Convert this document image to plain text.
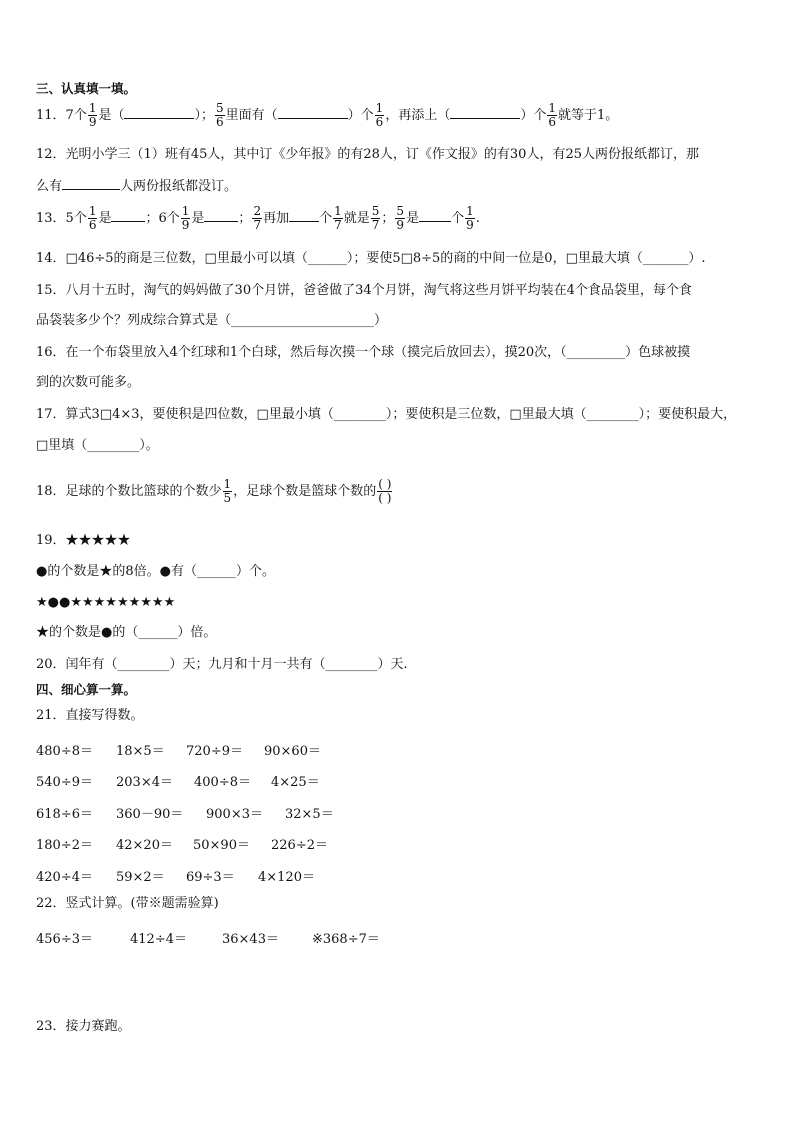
三、认真填一填。
11．7个 $\frac{1}{9}$ 是（	）； $\frac{5}{6}$ 里面有（	）个 $\frac{1}{6}$ ，再添上（	）个 $\frac{1}{6}$ 就等于1。
12．光明小学三（1）班有45人，其中订《少年报》的有28人，订《作文报》的有30人，有25人两份报纸都订，那
么有	人两份报纸都没订。
13．5个 $\frac{1}{6}$ 是	；6个 $\frac{1}{9}$ 是	； $\frac{2}{7}$ 再加 个 $\frac{1}{7}$ 就是 $\frac{5}{7}$ ； $\frac{5}{9}$ 是 个 $\frac{1}{9}$ .
14．□46÷5的商是三位数，□里最小可以填（______）；要使5□8÷5的商的中间一位是0，□里最大填（_______）.
15．八月十五时，淘气的妈妈做了30个月饼，爸爸做了34个月饼，淘气将这些月饼平均装在4个食品袋里，每个食
品袋装多少个？列成综合算式是（______________________）
16．在一个布袋里放入4个红球和1个白球，然后每次摸一个球（摸完后放回去），摸20次，（_________）色球被摸
到的次数可能多。
17．算式3□4×3，要使积是四位数，□里最小填（________）；要使积是三位数，□里最大填（________）；要使积最大，
□里填（________）。
18．足球的个数比篮球的个数少 $\frac{1}{5}$ ，足球个数是篮球个数的 $\frac{( )}{( )}$
19．★★★★★
●的个数是★的8倍。●有（______）个。
★●●★★★★★★★★★
★的个数是●的（______）倍。
20．闰年有（________）天；九月和十月一共有（________）天.
四、细心算一算。
21．直接写得数。
480÷8＝ 18×5＝ 720÷9＝ 90×60＝
540÷9＝ 203×4＝ 400÷8＝ 4×25＝
618÷6＝ 360－90＝ 900×3＝ 32×5＝
180÷2＝ 42×20＝ 50×90＝ 226÷2＝
420÷4＝ 59×2＝ 69÷3＝ 4×120＝
22．竖式计算。(带※题需验算)
456÷3＝	412÷4＝	36×43＝	※368÷7＝
23．接力赛跑。
